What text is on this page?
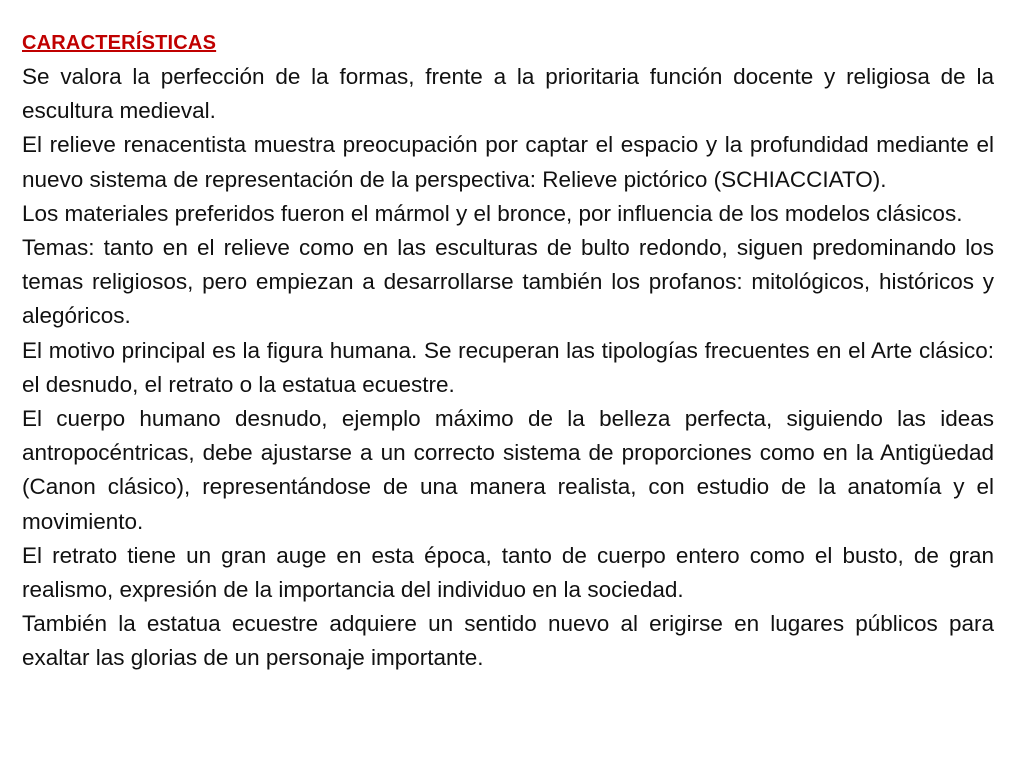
CARACTERÍSTICAS

Se valora la perfección de la formas, frente a la prioritaria función docente y religiosa de la escultura medieval.

El relieve renacentista muestra preocupación por captar el espacio y la profundidad mediante el nuevo sistema de representación de la perspectiva: Relieve pictórico (SCHIACCIATO).

Los materiales preferidos fueron el mármol y el bronce, por influencia de los modelos clásicos.

Temas: tanto en el relieve como en las esculturas de bulto redondo, siguen predominando los temas religiosos, pero empiezan a desarrollarse también los profanos: mitológicos, históricos y alegóricos.

El motivo principal es la figura humana. Se recuperan las tipologías frecuentes en el Arte clásico: el desnudo, el retrato o la estatua ecuestre.

El cuerpo humano desnudo, ejemplo máximo de la belleza perfecta, siguiendo las ideas antropocéntricas, debe ajustarse a un correcto sistema de proporciones como en la Antigüedad (Canon clásico), representándose de una manera realista, con estudio de la anatomía y el movimiento.

El retrato tiene un gran auge en esta época, tanto de cuerpo entero como el busto, de gran realismo, expresión de la importancia del individuo en la sociedad.

También la estatua ecuestre adquiere un sentido nuevo al erigirse en lugares públicos para exaltar las glorias de un personaje importante.
